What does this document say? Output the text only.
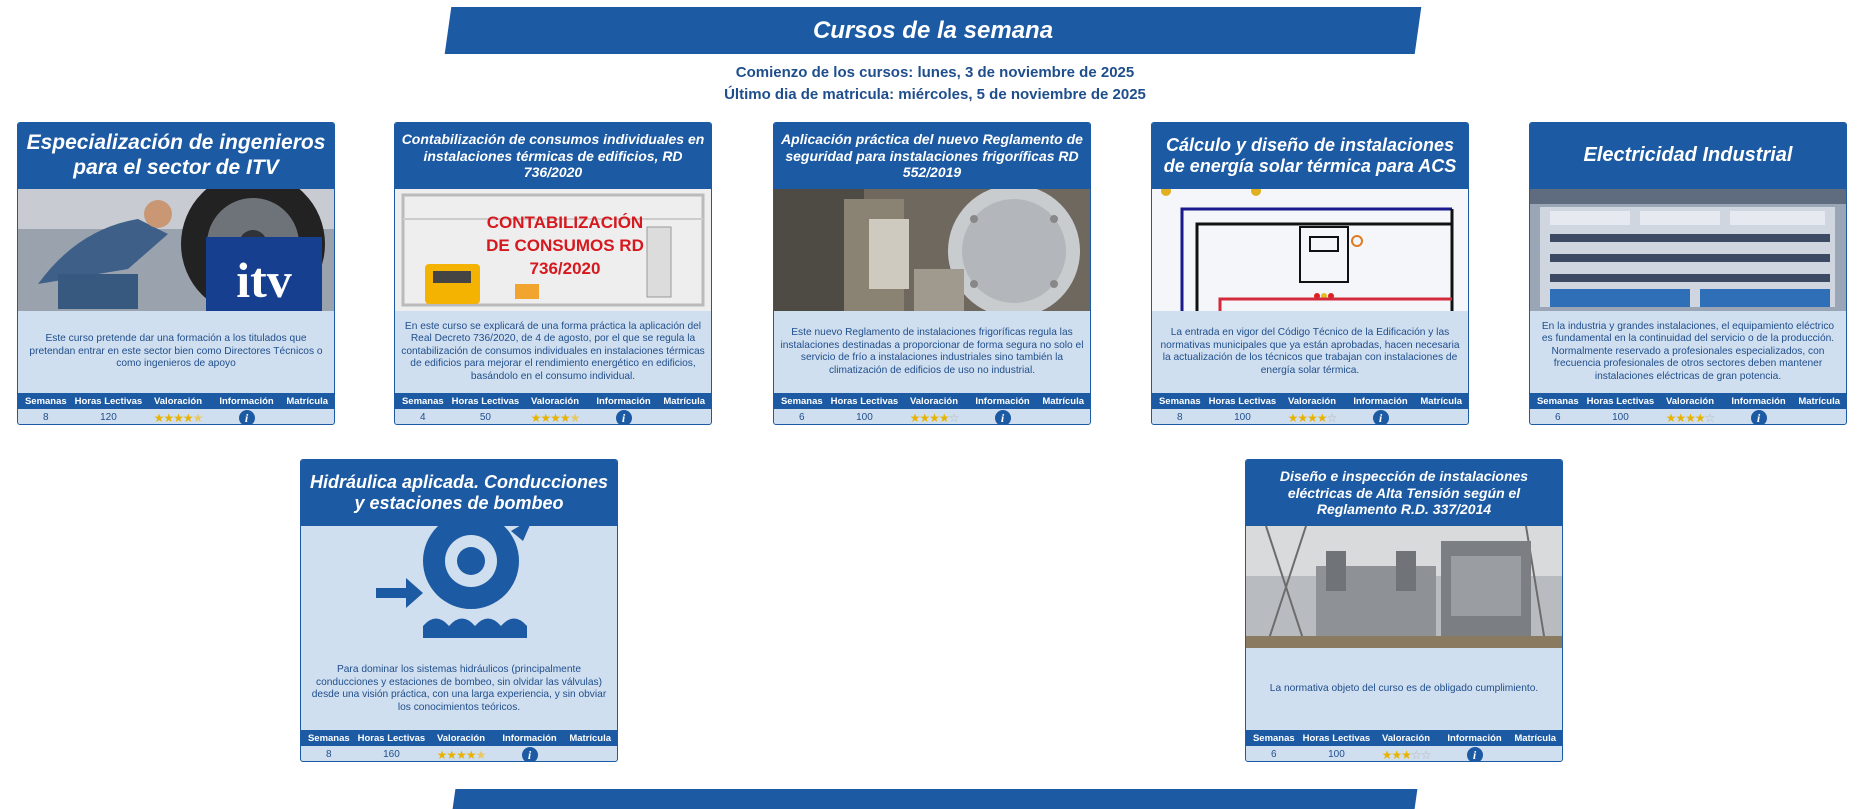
Cursos de la semana
Comienzo de los cursos: lunes, 3 de noviembre de 2025
Último dia de matricula: miércoles, 5 de noviembre de 2025
Especialización de ingenieros para el sector de ITV
itv
Este curso pretende dar una formación a los titulados que pretendan entrar en este sector bien como Directores Técnicos o como ingenieros de apoyo
Semanas Horas Lectivas	Valoración	Información	Matrícula
8	120	★★★★★	i
Contabilización de consumos individuales en instalaciones térmicas de edificios, RD 736/2020
CONTABILIZACIÓN DE CONSUMOS RD 736/2020
En este curso se explicará de una forma práctica la aplicación del Real Decreto 736/2020, de 4 de agosto, por el que se regula la contabilización de consumos individuales en instalaciones térmicas de edificios para mejorar el rendimiento energético en edificios, basándolo en el consumo individual.
Semanas Horas Lectivas	Valoración	Información	Matrícula
4	50	★★★★★	i
Aplicación práctica del nuevo Reglamento de seguridad para instalaciones frigoríficas RD 552/2019
Este nuevo Reglamento de instalaciones frigoríficas regula las instalaciones destinadas a proporcionar de forma segura no solo el servicio de frío a instalaciones industriales sino también la climatización de edificios de uso no industrial.
Semanas Horas Lectivas	Valoración	Información	Matrícula
6	100	★★★★☆	i
Cálculo y diseño de instalaciones de energía solar térmica para ACS
La entrada en vigor del Código Técnico de la Edificación y las normativas municipales que ya están aprobadas, hacen necesaria la actualización de los técnicos que trabajan con instalaciones de energía solar térmica.
Semanas Horas Lectivas	Valoración	Información	Matrícula
8	100	★★★★☆	i
Electricidad Industrial
En la industria y grandes instalaciones, el equipamiento eléctrico es fundamental en la continuidad del servicio o de la producción. Normalmente reservado a profesionales especializados, con frecuencia profesionales de otros sectores deben mantener instalaciones eléctricas de gran potencia.
Semanas Horas Lectivas	Valoración	Información	Matrícula
6	100	★★★★☆	i
Hidráulica aplicada. Conducciones y estaciones de bombeo
Para dominar los sistemas hidráulicos (principalmente conducciones y estaciones de bombeo, sin olvidar las válvulas) desde una visión práctica, con una larga experiencia, y sin obviar los conocimientos teóricos.
Semanas Horas Lectivas	Valoración	Información	Matrícula
8	160	★★★★★	i
Diseño e inspección de instalaciones eléctricas de Alta Tensión según el Reglamento R.D. 337/2014
La normativa objeto del curso es de obligado cumplimiento.
Semanas Horas Lectivas	Valoración	Información	Matrícula
6	100	★★★☆☆	i
